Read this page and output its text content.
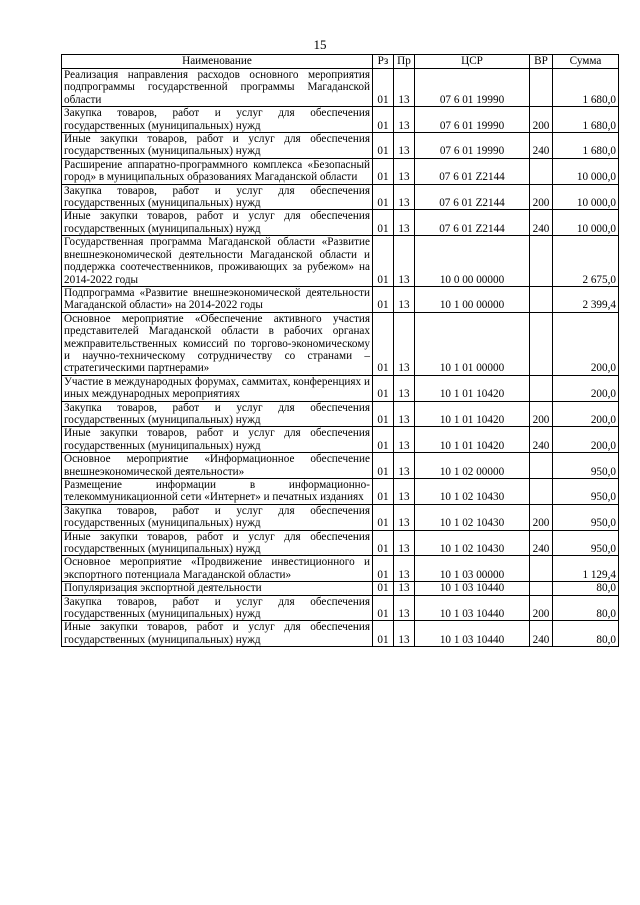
15
Наименование	Рз	Пр	ЦСР	ВР	Сумма
Реализация направления расходов основного мероприятия подпрограммы государственной программы Магаданской области	01	13	07 6 01 19990		1 680,0
Закупка товаров, работ и услуг для обеспечения государственных (муниципальных) нужд	01	13	07 6 01 19990	200	1 680,0
Иные закупки товаров, работ и услуг для обеспечения государственных (муниципальных) нужд	01	13	07 6 01 19990	240	1 680,0
Расширение аппаратно-программного комплекса «Безопасный город» в муниципальных образованиях Магаданской области	01	13	07 6 01 Z2144		10 000,0
Закупка товаров, работ и услуг для обеспечения государственных (муниципальных) нужд	01	13	07 6 01 Z2144	200	10 000,0
Иные закупки товаров, работ и услуг для обеспечения государственных (муниципальных) нужд	01	13	07 6 01 Z2144	240	10 000,0
Государственная программа Магаданской области «Развитие внешнеэкономической деятельности Магаданской области и поддержка соотечественников, проживающих за рубежом» на 2014-2022 годы	01	13	10 0 00 00000		2 675,0
Подпрограмма «Развитие внешнеэкономической деятельности Магаданской области» на 2014-2022 годы	01	13	10 1 00 00000		2 399,4
Основное мероприятие «Обеспечение активного участия представителей Магаданской области в рабочих органах межправительственных комиссий по торгово-экономическому и научно-техническому сотрудничеству со странами – стратегическими партнерами»	01	13	10 1 01 00000		200,0
Участие в международных форумах, саммитах, конференциях и иных международных мероприятиях	01	13	10 1 01 10420		200,0
Закупка товаров, работ и услуг для обеспечения государственных (муниципальных) нужд	01	13	10 1 01 10420	200	200,0
Иные закупки товаров, работ и услуг для обеспечения государственных (муниципальных) нужд	01	13	10 1 01 10420	240	200,0
Основное мероприятие «Информационное обеспечение внешнеэкономической деятельности»	01	13	10 1 02 00000		950,0
Размещение информации в информационно-телекоммуникационной сети «Интернет» и печатных изданиях	01	13	10 1 02 10430		950,0
Закупка товаров, работ и услуг для обеспечения государственных (муниципальных) нужд	01	13	10 1 02 10430	200	950,0
Иные закупки товаров, работ и услуг для обеспечения государственных (муниципальных) нужд	01	13	10 1 02 10430	240	950,0
Основное мероприятие «Продвижение инвестиционного и экспортного потенциала Магаданской области»	01	13	10 1 03 00000		1 129,4
Популяризация экспортной деятельности	01	13	10 1 03 10440		80,0
Закупка товаров, работ и услуг для обеспечения государственных (муниципальных) нужд	01	13	10 1 03 10440	200	80,0
Иные закупки товаров, работ и услуг для обеспечения государственных (муниципальных) нужд	01	13	10 1 03 10440	240	80,0
